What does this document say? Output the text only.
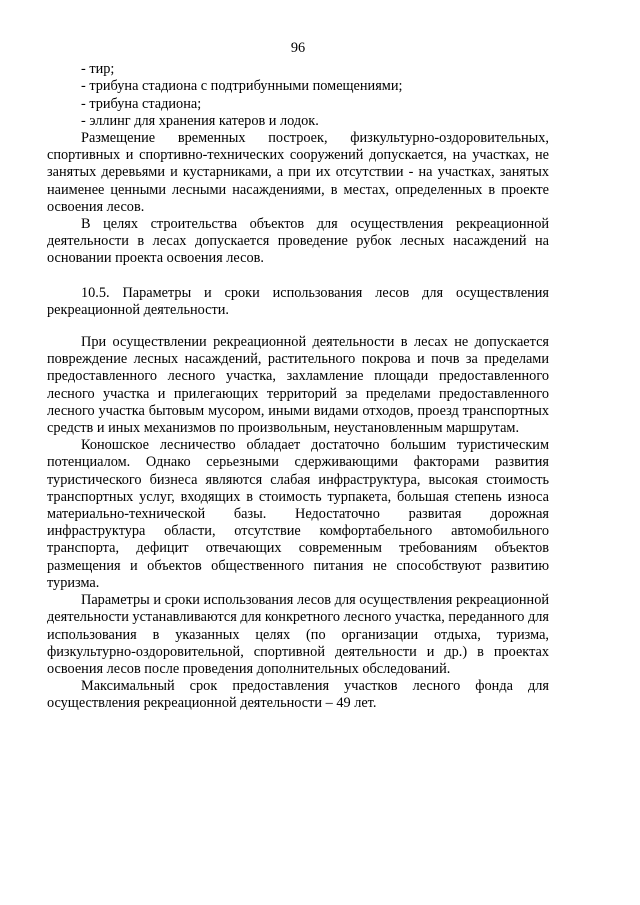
96

- тир;

- трибуна стадиона с подтрибунными помещениями;

- трибуна стадиона;

- эллинг для хранения катеров и лодок.

Размещение временных построек, физкультурно-оздоровительных, спортивных и спортивно-технических сооружений допускается, на участках, не занятых деревьями и кустарниками, а при их отсутствии - на участках, занятых наименее ценными лесными насаждениями, в местах, определенных в проекте освоения лесов.

В целях строительства объектов для осуществления рекреационной деятельности в лесах допускается проведение рубок лесных насаждений на основании проекта освоения лесов.

10.5. Параметры и сроки использования лесов для осуществления рекреационной деятельности.

При осуществлении рекреационной деятельности в лесах не допускается повреждение лесных насаждений, растительного покрова и почв за пределами предоставленного лесного участка, захламление площади предоставленного лесного участка и прилегающих территорий за пределами предоставленного лесного участка бытовым мусором, иными видами отходов, проезд транспортных средств и иных механизмов по произвольным, неустановленным маршрутам.

Коношское лесничество обладает достаточно большим туристическим потенциалом. Однако серьезными сдерживающими факторами развития туристического бизнеса являются слабая инфраструктура, высокая стоимость транспортных услуг, входящих в стоимость турпакета, большая степень износа материально-технической базы. Недостаточно развитая дорожная инфраструктура области, отсутствие комфортабельного автомобильного транспорта, дефицит отвечающих современным требованиям объектов размещения и объектов общественного питания не способствуют развитию туризма.

Параметры и сроки использования лесов для осуществления рекреационной деятельности устанавливаются для конкретного лесного участка, переданного для использования в указанных целях (по организации отдыха, туризма, физкультурно-оздоровительной, спортивной деятельности и др.) в проектах освоения лесов после проведения дополнительных обследований.

Максимальный срок предоставления участков лесного фонда для осуществления рекреационной деятельности – 49 лет.
